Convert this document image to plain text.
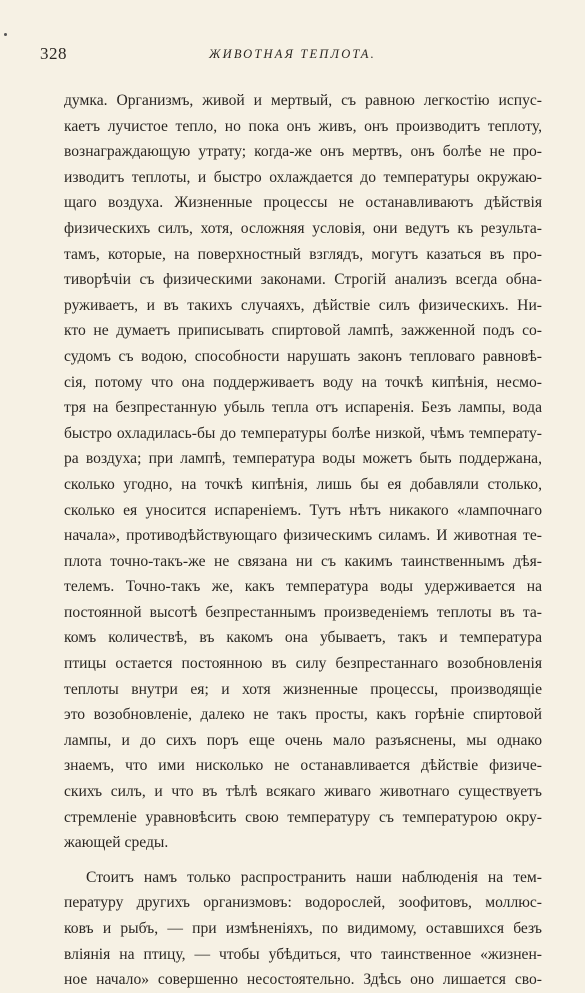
328	ЖИВОТНАЯ ТЕПЛОТА.
думка. Организмъ, живой и мертвый, съ равною легкостію испус-
каетъ лучистое тепло, но пока онъ живъ, онъ производитъ теплоту,
вознаграждающую утрату; когда-же онъ мертвъ, онъ болѣе не про-
изводитъ теплоты, и быстро охлаждается до температуры окружаю-
щаго воздуха. Жизненные процессы не останавливаютъ дѣйствія
физическихъ силъ, хотя, осложняя условія, они ведутъ къ результа-
тамъ, которые, на поверхностный взглядъ, могутъ казаться въ про-
тиворѣчіи съ физическими законами. Строгій анализъ всегда обна-
руживаетъ, и въ такихъ случаяхъ, дѣйствіе силъ физическихъ. Ни-
кто не думаетъ приписывать спиртовой лампѣ, зажженной подъ со-
судомъ съ водою, способности нарушать законъ тепловаго равновѣ-
сія, потому что она поддерживаетъ воду на точкѣ кипѣнія, несмо-
тря на безпрестанную убыль тепла отъ испаренія. Безъ лампы, вода
быстро охладилась-бы до температуры болѣе низкой, чѣмъ температу-
ра воздуха; при лампѣ, температура воды можетъ быть поддержана,
сколько угодно, на точкѣ кипѣнія, лишь бы ея добавляли столько,
сколько ея уносится испареніемъ. Тутъ нѣтъ никакого «лампочнаго
начала», противодѣйствующаго физическимъ силамъ. И животная те-
плота точно-такъ-же не связана ни съ какимъ таинственнымъ дѣя-
телемъ. Точно-такъ же, какъ температура воды удерживается на
постоянной высотѣ безпрестаннымъ произведеніемъ теплоты въ та-
комъ количествѣ, въ какомъ она убываетъ, такъ и температура
птицы остается постоянною въ силу безпрестаннаго возобновленія
теплоты внутри ея; и хотя жизненные процессы, производящіе
это возобновленіе, далеко не такъ просты, какъ горѣніе спиртовой
лампы, и до сихъ поръ еще очень мало разъяснены, мы однако
знаемъ, что ими нисколько не останавливается дѣйствіе физиче-
скихъ силъ, и что въ тѣлѣ всякаго живаго животнаго существуетъ
стремленіе уравновѣсить свою температуру съ температурою окру-
жающей среды.
Стоитъ намъ только распространить наши наблюденія на тем-
пературу другихъ организмовъ: водорослей, зоофитовъ, моллюс-
ковъ и рыбъ, — при измѣненіяхъ, по видимому, оставшихся безъ
вліянія на птицу, — чтобы убѣдиться, что таинственное «жизнен-
ное начало» совершенно несостоятельно. Здѣсь оно лишается сво-
